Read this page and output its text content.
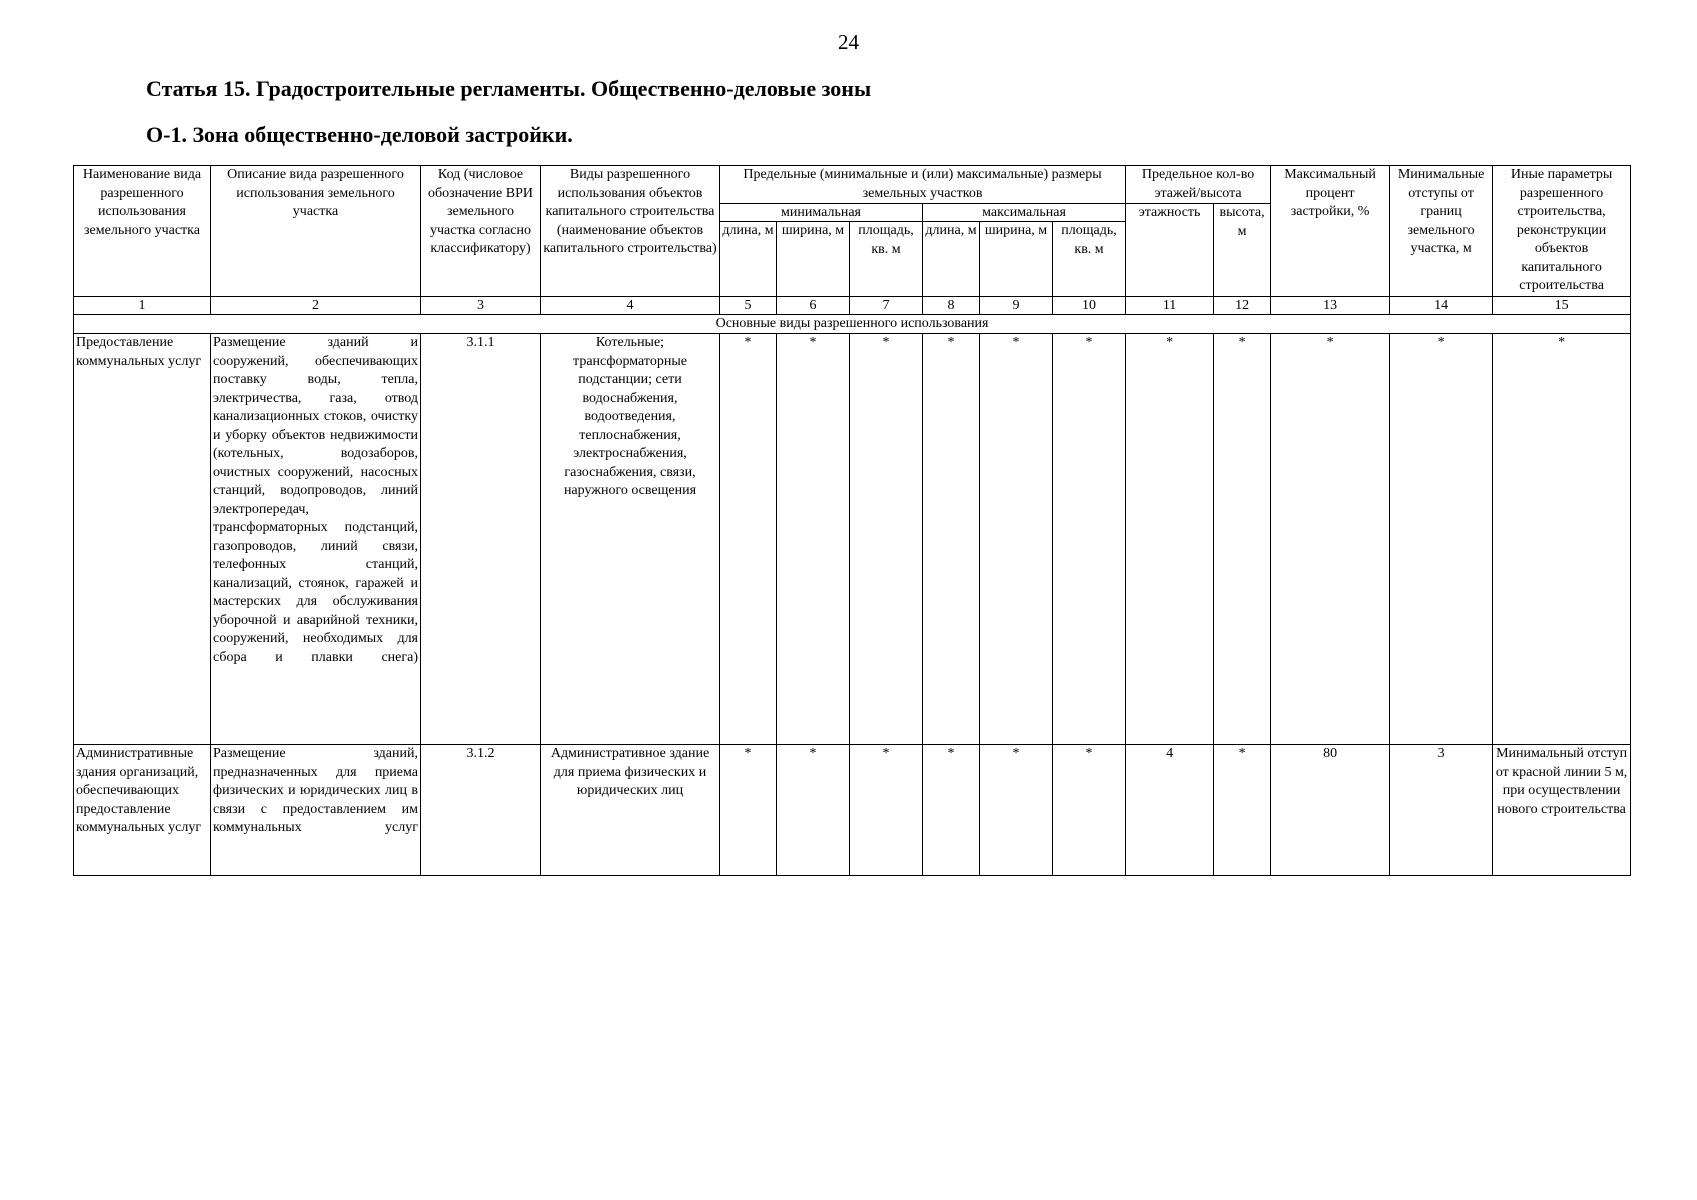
24
Статья 15. Градостроительные регламенты. Общественно-деловые зоны
О-1. Зона общественно-деловой застройки.
Наименование вида разрешенного использования земельного участка	Описание вида разрешенного использования земельного участка	Код (числовое обозначение ВРИ земельного участка согласно классификатору)	Виды разрешенного использования объектов капитального строительства (наименование объектов капитального строительства)	Предельные (минимальные и (или) максимальные) размеры земельных участков						Предельное кол-во этажей/высота		Максимальный процент застройки, %	Минимальные отступы от границ земельного участка, м	Иные параметры разрешенного строительства, реконструкции объектов капитального строительства
				минимальная			максимальная			этажность	высота, м			
				длина, м	ширина, м	площадь, кв. м	длина, м	ширина, м	площадь, кв. м					
1	2	3	4	5	6	7	8	9	10	11	12	13	14	15
Основные виды разрешенного использования														
Предоставление коммунальных услуг	Размещение зданий и сооружений, обеспечивающих поставку воды, тепла, электричества, газа, отвод канализационных стоков, очистку и уборку объектов недвижимости (котельных, водозаборов, очистных сооружений, насосных станций, водопроводов, линий электропередач, трансформаторных подстанций, газопроводов, линий связи, телефонных станций, канализаций, стоянок, гаражей и мастерских для обслуживания уборочной и аварийной техники, сооружений, необходимых для сбора и плавки снега)	3.1.1	Котельные; трансформаторные подстанции; сети водоснабжения, водоотведения, теплоснабжения, электроснабжения, газоснабжения, связи, наружного освещения	*	*	*	*	*	*	*	*	*	*	*
Административные здания организаций, обеспечивающих предоставление коммунальных услуг	Размещение зданий, предназначенных для приема физических и юридических лиц в связи с предоставлением им коммунальных услуг	3.1.2	Административное здание для приема физических и юридических лиц	*	*	*	*	*	*	4	*	80	3	Минимальный отступ от красной линии 5 м, при осуществлении нового строительства
